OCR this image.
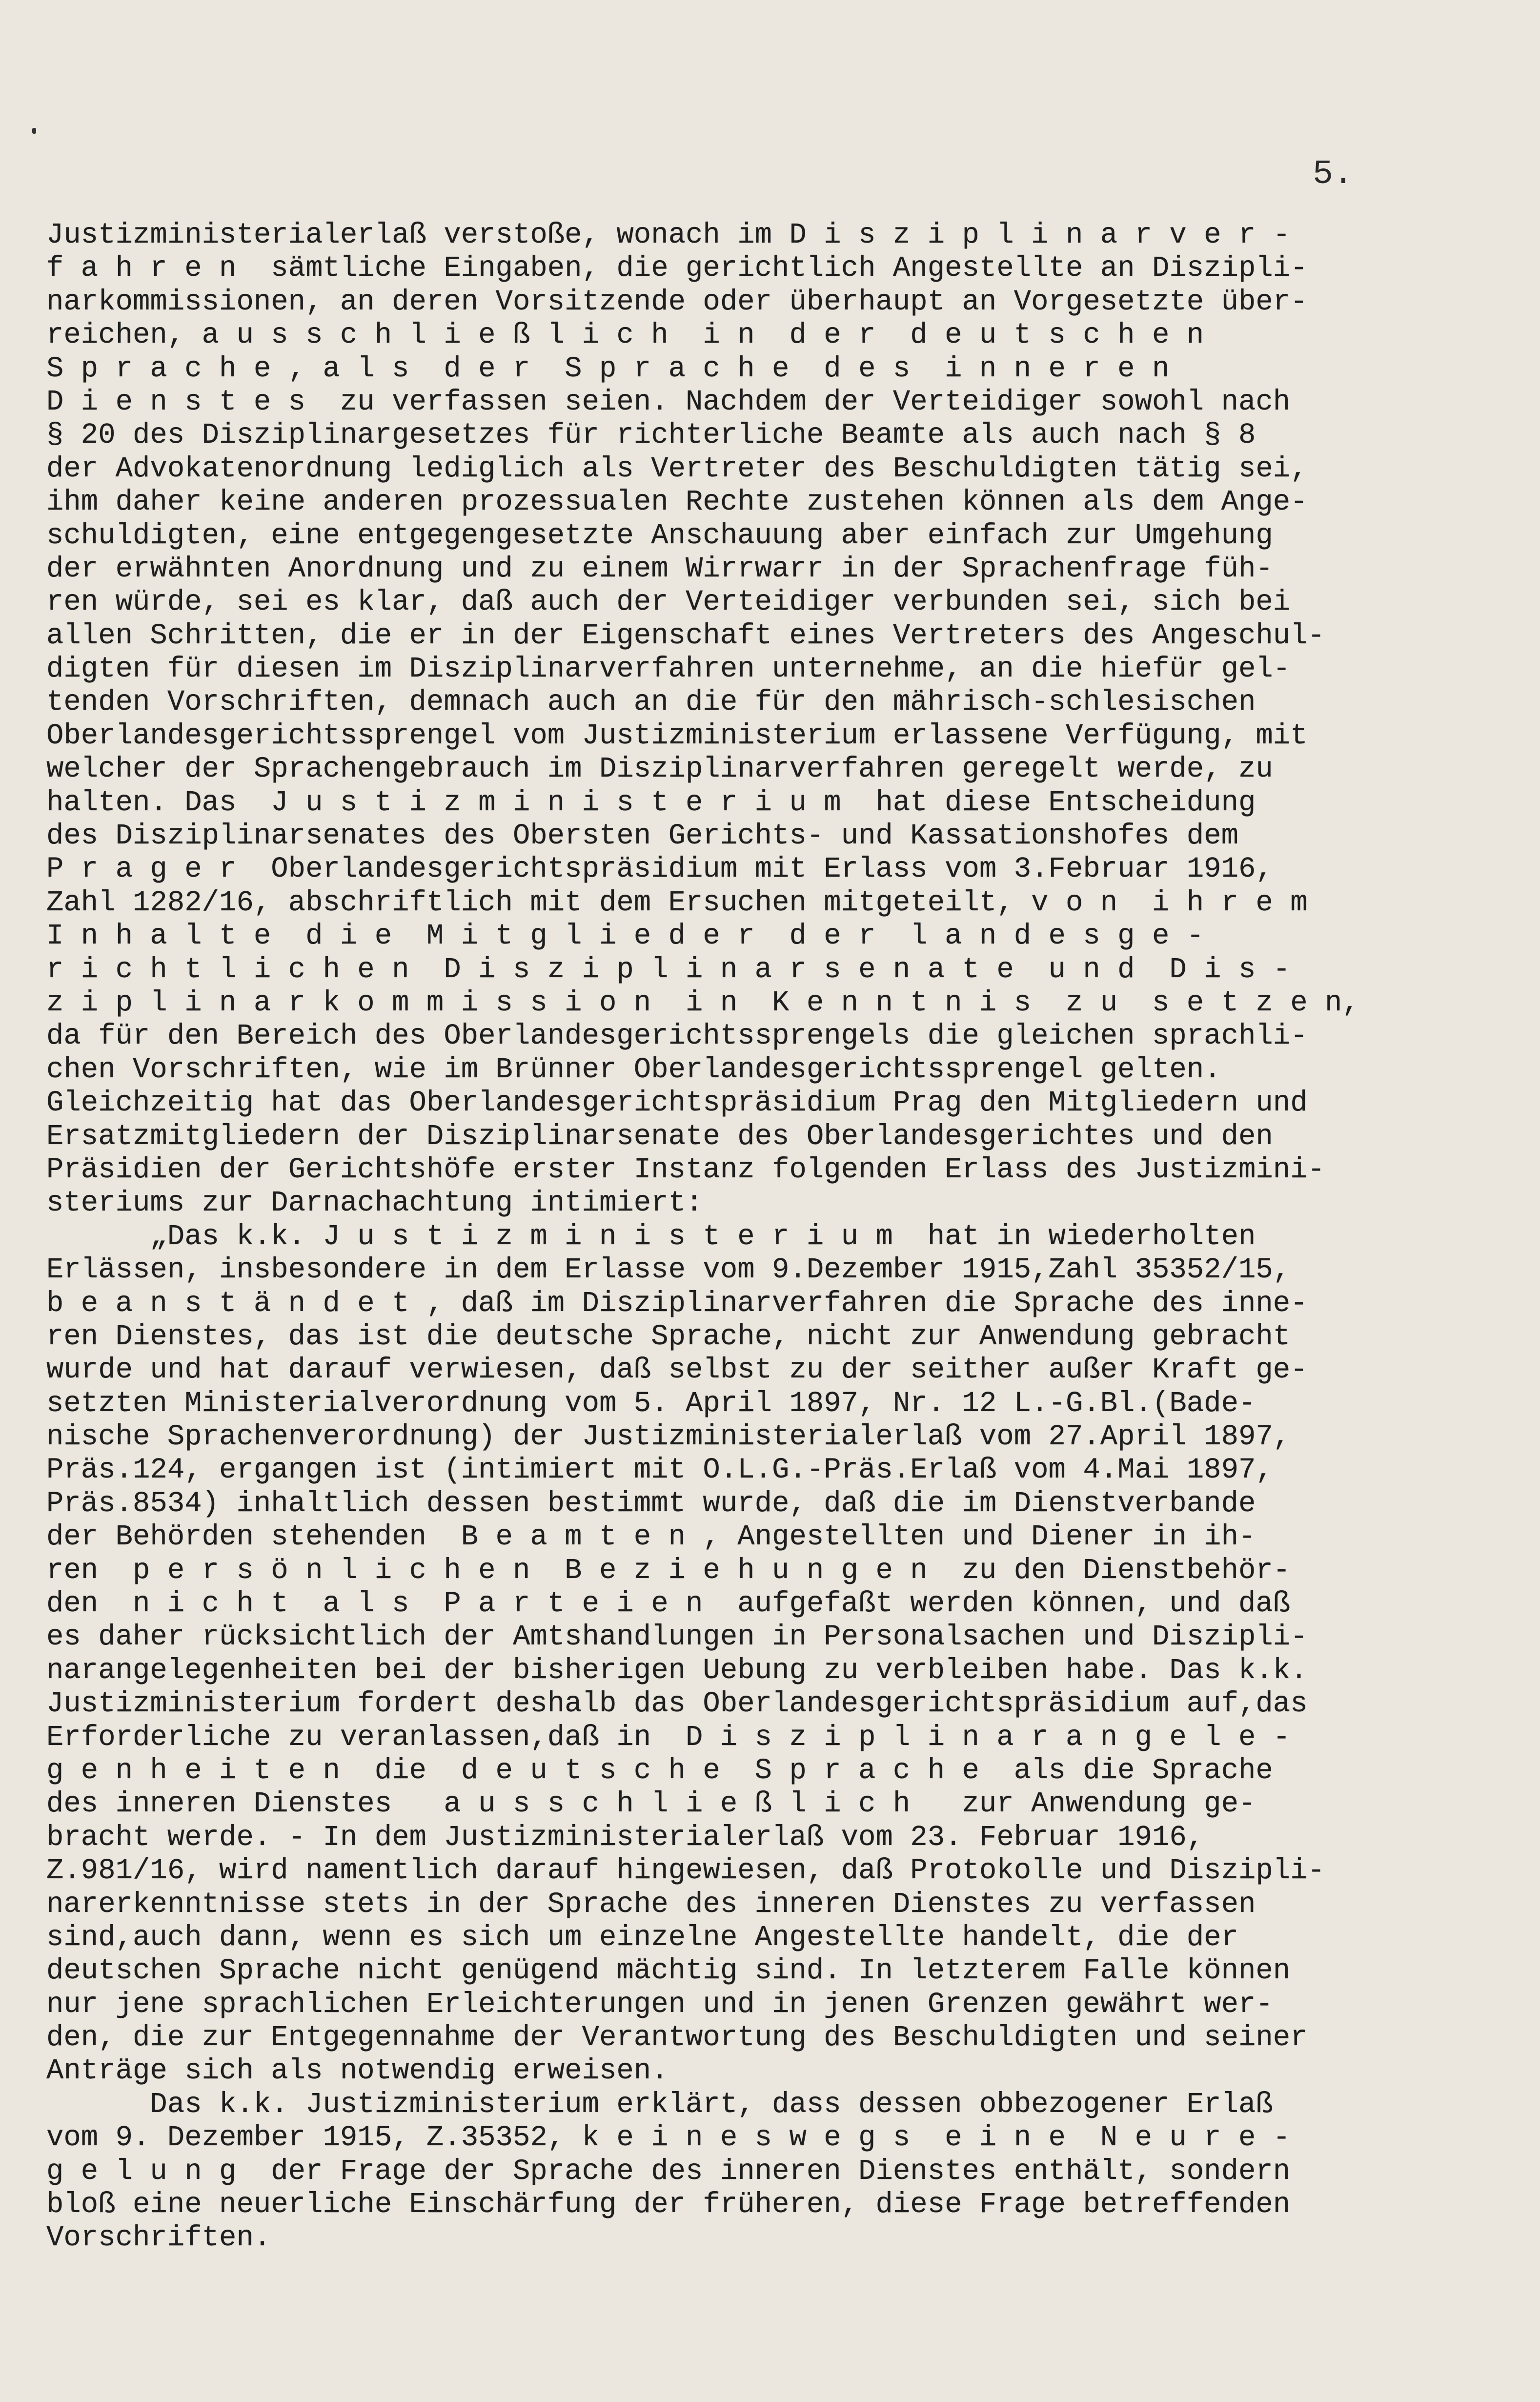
5.
Justizministerialerlaß verstoße, wonach im D i s z i p l i n a r v e r -
f a h r e n  sämtliche Eingaben, die gerichtlich Angestellte an Diszipli-
narkommissionen, an deren Vorsitzende oder überhaupt an Vorgesetzte über-
reichen, a u s s c h l i e ß l i c h  i n  d e r  d e u t s c h e n
S p r a c h e , a l s  d e r  S p r a c h e  d e s  i n n e r e n
D i e n s t e s  zu verfassen seien. Nachdem der Verteidiger sowohl nach
§ 20 des Disziplinargesetzes für richterliche Beamte als auch nach § 8
der Advokatenordnung lediglich als Vertreter des Beschuldigten tätig sei,
ihm daher keine anderen prozessualen Rechte zustehen können als dem Ange-
schuldigten, eine entgegengesetzte Anschauung aber einfach zur Umgehung
der erwähnten Anordnung und zu einem Wirrwarr in der Sprachenfrage füh-
ren würde, sei es klar, daß auch der Verteidiger verbunden sei, sich bei
allen Schritten, die er in der Eigenschaft eines Vertreters des Angeschul-
digten für diesen im Disziplinarverfahren unternehme, an die hiefür gel-
tenden Vorschriften, demnach auch an die für den mährisch-schlesischen
Oberlandesgerichtssprengel vom Justizministerium erlassene Verfügung, mit
welcher der Sprachengebrauch im Disziplinarverfahren geregelt werde, zu
halten. Das  J u s t i z m i n i s t e r i u m  hat diese Entscheidung
des Disziplinarsenates des Obersten Gerichts- und Kassationshofes dem
P r a g e r  Oberlandesgerichtspräsidium mit Erlass vom 3.Februar 1916,
Zahl 1282/16, abschriftlich mit dem Ersuchen mitgeteilt, v o n  i h r e m
I n h a l t e  d i e  M i t g l i e d e r  d e r  l a n d e s g e -
r i c h t l i c h e n  D i s z i p l i n a r s e n a t e  u n d  D i s -
z i p l i n a r k o m m i s s i o n  i n  K e n n t n i s  z u  s e t z e n,
da für den Bereich des Oberlandesgerichtssprengels die gleichen sprachli-
chen Vorschriften, wie im Brünner Oberlandesgerichtssprengel gelten.
Gleichzeitig hat das Oberlandesgerichtspräsidium Prag den Mitgliedern und
Ersatzmitgliedern der Disziplinarsenate des Oberlandesgerichtes und den
Präsidien der Gerichtshöfe erster Instanz folgenden Erlass des Justizmini-
steriums zur Darnachachtung intimiert:
„Das k.k. J u s t i z m i n i s t e r i u m  hat in wiederholten
Erlässen, insbesondere in dem Erlasse vom 9.Dezember 1915,Zahl 35352/15,
b e a n s t ä n d e t , daß im Disziplinarverfahren die Sprache des inne-
ren Dienstes, das ist die deutsche Sprache, nicht zur Anwendung gebracht
wurde und hat darauf verwiesen, daß selbst zu der seither außer Kraft ge-
setzten Ministerialverordnung vom 5. April 1897, Nr. 12 L.-G.Bl.(Bade-
nische Sprachenverordnung) der Justizministerialerlaß vom 27.April 1897,
Präs.124, ergangen ist (intimiert mit O.L.G.-Präs.Erlaß vom 4.Mai 1897,
Präs.8534) inhaltlich dessen bestimmt wurde, daß die im Dienstverbande
der Behörden stehenden  B e a m t e n , Angestellten und Diener in ih-
ren  p e r s ö n l i c h e n  B e z i e h u n g e n  zu den Dienstbehör-
den  n i c h t  a l s  P a r t e i e n  aufgefaßt werden können, und daß
es daher rücksichtlich der Amtshandlungen in Personalsachen und Diszipli-
narangelegenheiten bei der bisherigen Uebung zu verbleiben habe. Das k.k.
Justizministerium fordert deshalb das Oberlandesgerichtspräsidium auf,das
Erforderliche zu veranlassen,daß in  D i s z i p l i n a r a n g e l e -
g e n h e i t e n  die  d e u t s c h e  S p r a c h e  als die Sprache
des inneren Dienstes   a u s s c h l i e ß l i c h   zur Anwendung ge-
bracht werde. - In dem Justizministerialerlaß vom 23. Februar 1916,
Z.981/16, wird namentlich darauf hingewiesen, daß Protokolle und Diszipli-
narerkenntnisse stets in der Sprache des inneren Dienstes zu verfassen
sind,auch dann, wenn es sich um einzelne Angestellte handelt, die der
deutschen Sprache nicht genügend mächtig sind. In letzterem Falle können
nur jene sprachlichen Erleichterungen und in jenen Grenzen gewährt wer-
den, die zur Entgegennahme der Verantwortung des Beschuldigten und seiner
Anträge sich als notwendig erweisen.
Das k.k. Justizministerium erklärt, dass dessen obbezogener Erlaß
vom 9. Dezember 1915, Z.35352, k e i n e s w e g s  e i n e  N e u r e -
g e l u n g  der Frage der Sprache des inneren Dienstes enthält, sondern
bloß eine neuerliche Einschärfung der früheren, diese Frage betreffenden
Vorschriften.
